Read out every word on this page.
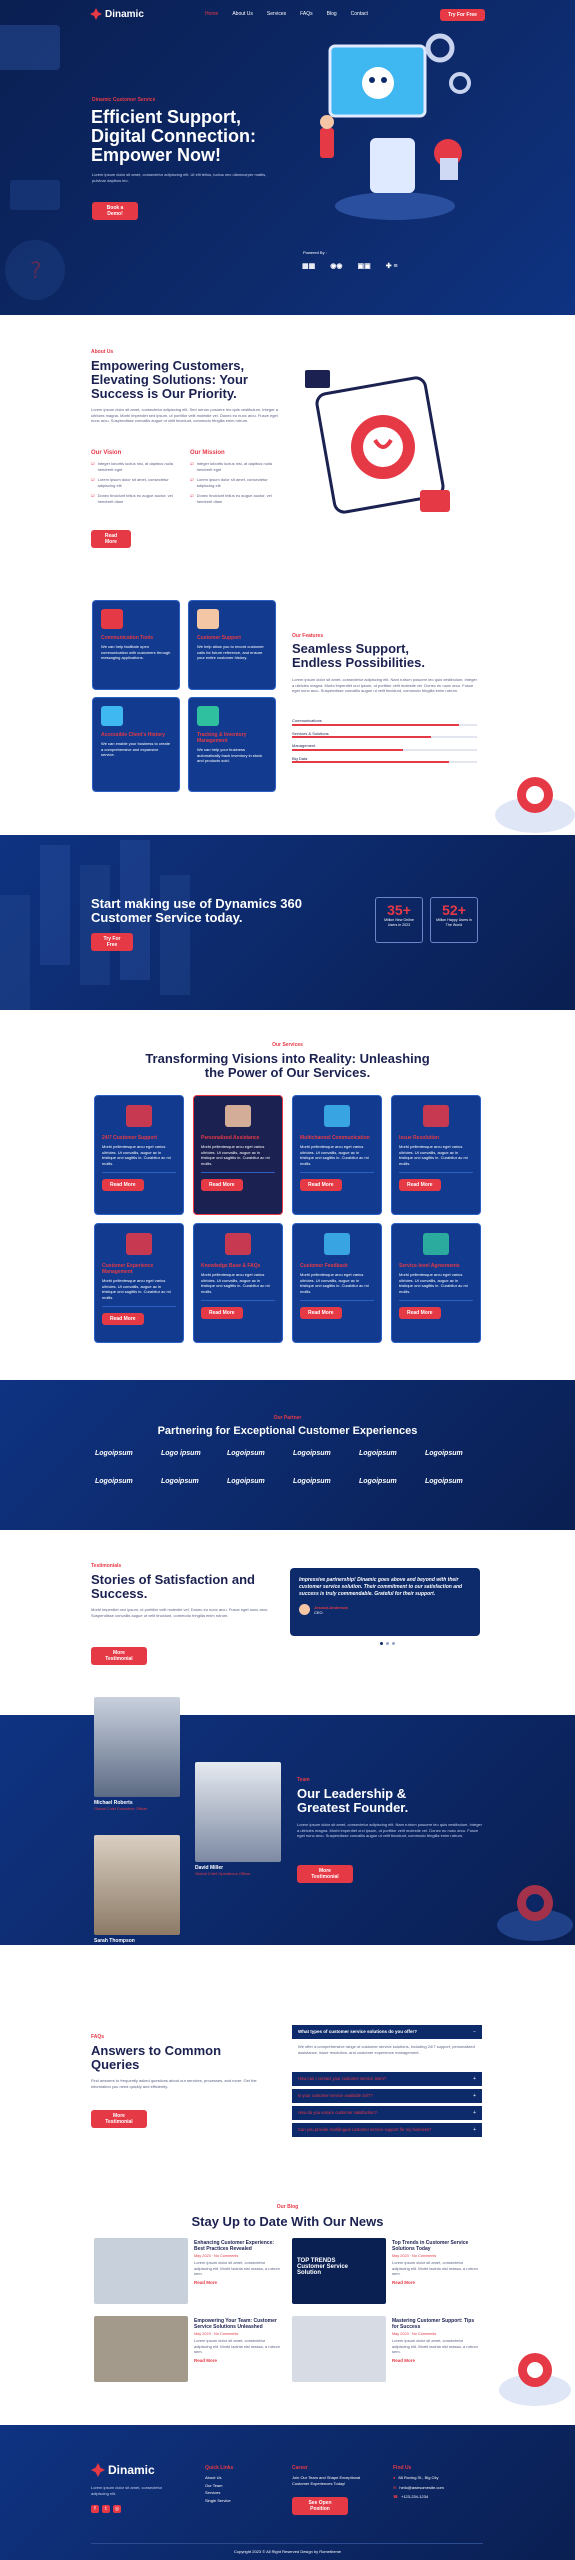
?
Dinamic	Home	About Us	Services	FAQs	Blog	Contact	Try For Free
Dinamic Customer Service
Efficient Support, Digital Connection: Empower Now!

Lorem ipsum dolor sit amet, consectetur adipiscing elit. Ut elit tellus, luctus nec ullamcorper mattis, pulvinar dapibus leo.

Book a Demo!
Powered By :
▦▦ ◉◉ ▣▣ ✚ ≡
About Us
Empowering Customers, Elevating Solutions: Your Success is Our Priority.

Lorem ipsum dolor sit amet, consectetur adipiscing elit. Sed rutrum posuere leo quis vestibulum. Integer a ultricies magna. Morbi imperdiet sed ipsum, ut porttitor velit molestie vel. Donec eu nunc arcu. Fusce eget nunc arcu. Suspendisse convallis augue ut velit tincidunt, commodo fringilla enim rutrum.

Our Vision	Our Mission
☑ Integer lobortis luctus nisi, at dapibus nulla hendrerit eget
☑ Lorem ipsum dolor sit amet, consectetur adipiscing elit
☑ Donec tincidunt tellus eu augue auctor, vel hendrerit diam
☑ Integer lobortis luctus nisi, at dapibus nulla hendrerit eget
☑ Lorem ipsum dolor sit amet, consectetur adipiscing elit
☑ Donec tincidunt tellus eu augue auctor, vel hendrerit diam
Read More
Communication Tools
We can help facilitate open communication with customers through messaging applications.
Customer Support
We help allow you to record customer calls for future reference, and ensure your entire customer history.
Accessible Client's History
We can enable your business to create a comprehensive and expansive service.
Tracking & Inventory Management
We can help your business automatically track inventory in stock and products sold.
Our Features
Seamless Support, Endless Possibilities.

Lorem ipsum dolor sit amet, consectetur adipiscing elit. Nam rutrum posuere leo quis vestibulum. Integer a ultricies magna. Morbi imperdiet orci ipsum, ut porttitor velit molestie vel. Donec eu nunc arcu. Fusce eget nunc arcu. Suspendisse convallis augue ut velit tincidunt, commodo fringilla enim rutrum.

Communications
Services & Solutions
Management
Big Data
Start making use of Dynamics 360 Customer Service today.
Try For Free
35+
Million New Online Users in 2023
52+
Million Happy Users in The World
Our Services
Transforming Visions into Reality: Unleashing the Power of Our Services.
24/7 Customer Support
Morbi pellentesque arcu eget varius ultricies. Ut convallis, augue ac in tristique orci sagittis in. Curabitur ac mi mollis.
Read More
Personalized Assistance
Morbi pellentesque arcu eget varius ultricies. Ut convallis, augue ac in tristique orci sagittis in. Curabitur ac mi mollis.
Read More
Multichannel Communication
Morbi pellentesque arcu eget varius ultricies. Ut convallis, augue ac in tristique orci sagittis in. Curabitur ac mi mollis.
Read More
Issue Resolution
Morbi pellentesque arcu eget varius ultricies. Ut convallis, augue ac in tristique orci sagittis in. Curabitur ac mi mollis.
Read More
Customer Experience Management
Morbi pellentesque arcu eget varius ultricies. Ut convallis, augue ac in tristique orci sagittis in. Curabitur ac mi mollis.
Read More
Knowledge Base & FAQs
Morbi pellentesque arcu eget varius ultricies. Ut convallis, augue ac in tristique orci sagittis in. Curabitur ac mi mollis.
Read More
Customer Feedback
Morbi pellentesque arcu eget varius ultricies. Ut convallis, augue ac in tristique orci sagittis in. Curabitur ac mi mollis.
Read More
Service-level Agreements
Morbi pellentesque arcu eget varius ultricies. Ut convallis, augue ac in tristique orci sagittis in. Curabitur ac mi mollis.
Read More
Our Partner
Partnering for Exceptional Customer Experiences
Logoipsum	Logo ipsum	Logoipsum	Logoipsum	Logoipsum	Logoipsum
Logoipsum	Logoipsum	Logoipsum	Logoipsum	Logoipsum	Logoipsum
Testimonials
Stories of Satisfaction and Success.

Morbi imperdiet orci ipsum, ut porttitor velit molestie vel. Donec eu nunc arcu. Fusce eget nunc arcu. Suspendisse convallis augue ut velit tincidunt, commodo fringilla enim rutrum.

More Testimonial
Impressive partnership! Dinamic goes above and beyond with their customer service solution. Their commitment to our satisfaction and success is truly commendable. Grateful for their support.
Jessica Anderson
CEO
Michael Roberts
Global Chief Executive Officer
David Miller
Global Chief Operations Officer
Sarah Thompson
Team
Our Leadership & Greatest Founder.

Lorem ipsum dolor sit amet, consectetur adipiscing elit. Nam rutrum posuere leo quis vestibulum. Integer a ultricies magna. Morbi imperdiet orci ipsum, ut porttitor velit molestie vel. Donec eu nunc arcu. Fusce eget nunc arcu. Suspendisse convallis augue ut velit tincidunt, commodo fringilla enim rutrum.

More Testimonial
FAQs
Answers to Common Queries

Find answers to frequently asked questions about our services, processes, and more. Get the information you need quickly and efficiently.

More Testimonial
What types of customer service solutions do you offer?	−
We offer a comprehensive range of customer service solutions, including 24/7 support, personalized assistance, issue resolution, and customer experience management.
How can I contact your customer service team?	+
Is your customer service available 24/7?	+
How do you ensure customer satisfaction?	+
Can you provide multilingual customer service support for my business?	+
Our Blog
Stay Up to Date With Our News
Enhancing Customer Experience: Best Practices Revealed
May 2023 · No Comments
Lorem ipsum dolor sit amet, consectetur adipiscing elit. Morbi lacinia nisl massa, a rutrum sem.
Read More
TOP TRENDS Customer Service Solution
Top Trends in Customer Service Solutions Today
May 2023 · No Comments
Lorem ipsum dolor sit amet, consectetur adipiscing elit. Morbi lacinia nisl massa, a rutrum sem.
Read More
Empowering Your Team: Customer Service Solutions Unleashed
May 2023 · No Comments
Lorem ipsum dolor sit amet, consectetur adipiscing elit. Morbi lacinia nisl massa, a rutrum sem.
Read More
Mastering Customer Support: Tips for Success
May 2023 · No Comments
Lorem ipsum dolor sit amet, consectetur adipiscing elit. Morbi lacinia nisl massa, a rutrum sem.
Read More
Dinamic

Lorem ipsum dolor sit amet, consectetur adipiscing elit.

f	t	◎
Quick Links
About Us
Our Team
Services
Single Service
Career

Join Our Team and Shape Exceptional Customer Experiences Today!

See Open Position
Find Us
● 88 Roving St., Big City
✉ hello@awesomesite.com
☎ +123-234-1234
Copyright 2023 © All Right Reserved Design by Rometheme
